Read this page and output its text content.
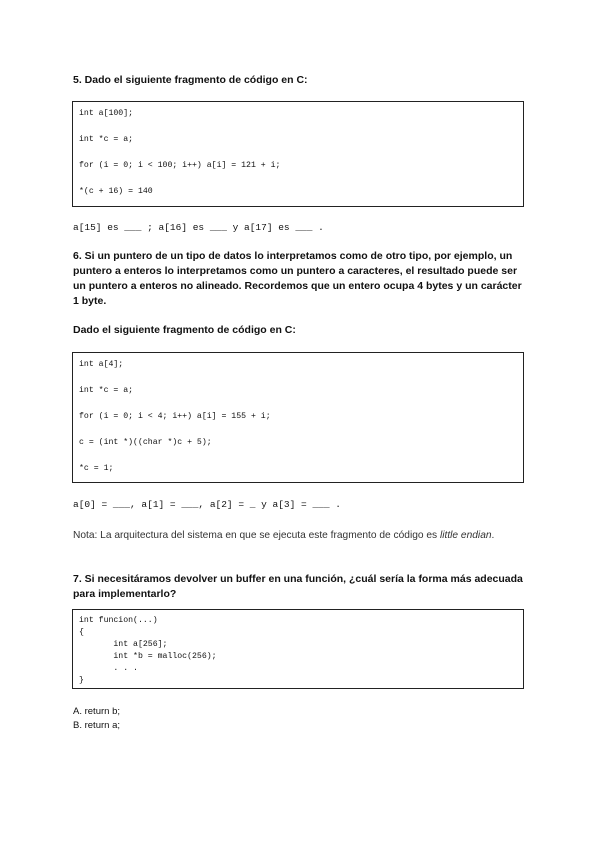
5. Dado el siguiente fragmento de código en C:
int a[100];
int *c = a;
for (i = 0; i < 100; i++) a[i] = 121 + i;
*(c + 16) = 140
a[15] es ___ ; a[16] es ___ y a[17] es ___ .
6. Si un puntero de un tipo de datos lo interpretamos como de otro tipo, por ejemplo, un puntero a enteros lo interpretamos como un puntero a caracteres, el resultado puede ser un puntero a enteros no alineado. Recordemos que un entero ocupa 4 bytes y un carácter 1 byte.
Dado el siguiente fragmento de código en C:
int a[4];
int *c = a;
for (i = 0; i < 4; i++) a[i] = 155 + i;
c = (int *)((char *)c + 5);
*c = 1;
a[0] = ___, a[1] = ___, a[2] = _ y a[3] = ___ .
Nota: La arquitectura del sistema en que se ejecuta este fragmento de código es little endian.
7. Si necesitáramos devolver un buffer en una función, ¿cuál sería la forma más adecuada para implementarlo?
int funcion(...)
{
int a[256];
int *b = malloc(256);
. . .
}
A. return b;
B. return a;
